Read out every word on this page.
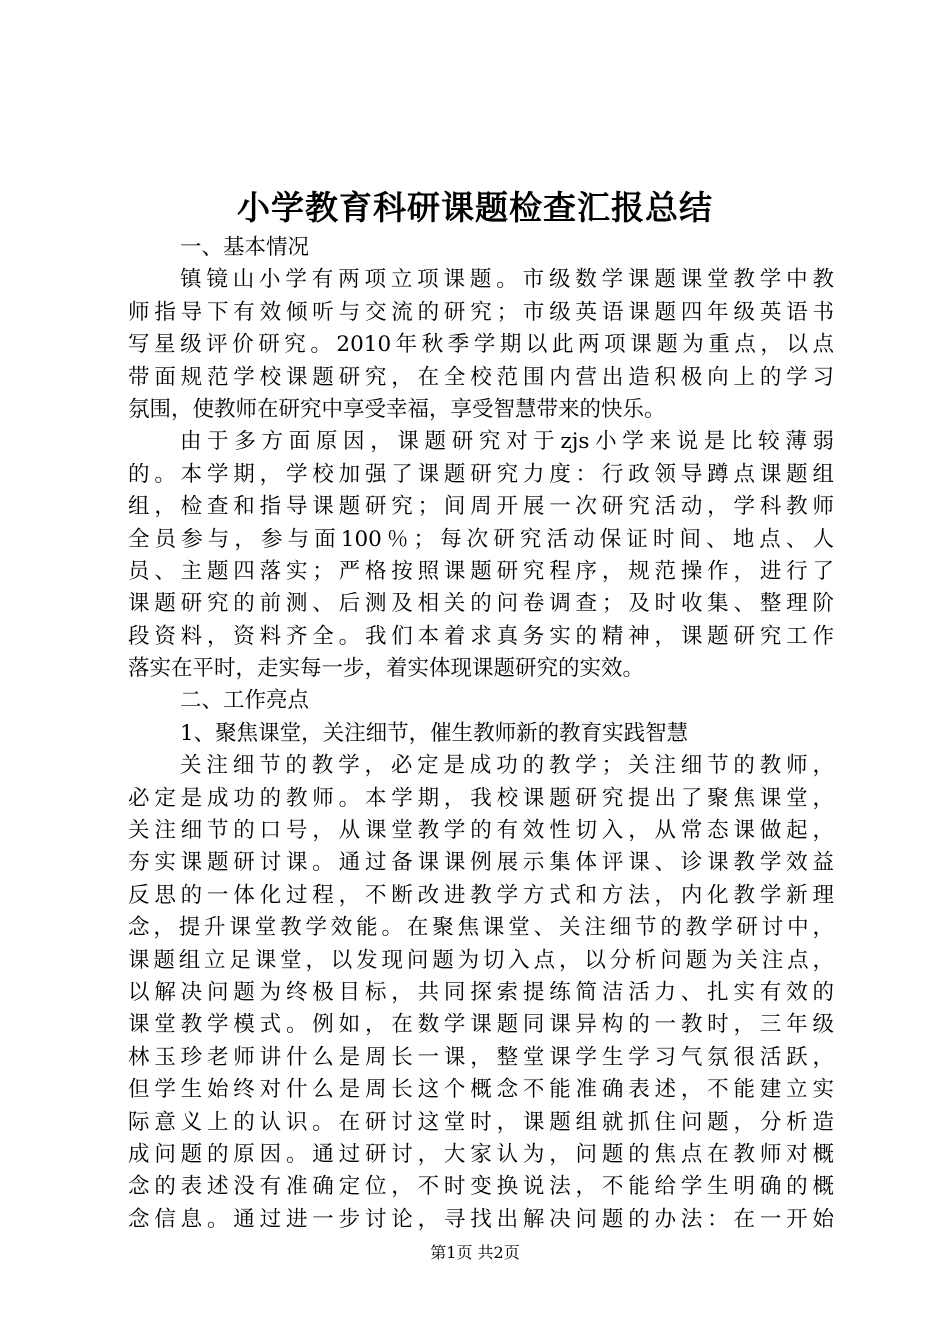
小学教育科研课题检查汇报总结
一、基本情况
镇镜山小学有两项立项课题。市级数学课题课堂教学中教
师指导下有效倾听与交流的研究；市级英语课题四年级英语书
写星级评价研究。2010年秋季学期以此两项课题为重点，以点
带面规范学校课题研究，在全校范围内营出造积极向上的学习
氛围，使教师在研究中享受幸福，享受智慧带来的快乐。
由于多方面原因，课题研究对于zjs小学来说是比较薄弱
的。本学期，学校加强了课题研究力度：行政领导蹲点课题组
组，检查和指导课题研究；间周开展一次研究活动，学科教师
全员参与，参与面100％；每次研究活动保证时间、地点、人
员、主题四落实；严格按照课题研究程序，规范操作，进行了
课题研究的前测、后测及相关的问卷调查；及时收集、整理阶
段资料，资料齐全。我们本着求真务实的精神，课题研究工作
落实在平时，走实每一步，着实体现课题研究的实效。
二、工作亮点
1、聚焦课堂，关注细节，催生教师新的教育实践智慧
关注细节的教学，必定是成功的教学；关注细节的教师，
必定是成功的教师。本学期，我校课题研究提出了聚焦课堂，
关注细节的口号，从课堂教学的有效性切入，从常态课做起，
夯实课题研讨课。通过备课课例展示集体评课、诊课教学效益
反思的一体化过程，不断改进教学方式和方法，内化教学新理
念，提升课堂教学效能。在聚焦课堂、关注细节的教学研讨中，
课题组立足课堂，以发现问题为切入点，以分析问题为关注点，
以解决问题为终极目标，共同探索提练简洁活力、扎实有效的
课堂教学模式。例如，在数学课题同课异构的一教时，三年级
林玉珍老师讲什么是周长一课，整堂课学生学习气氛很活跃，
但学生始终对什么是周长这个概念不能准确表述，不能建立实
际意义上的认识。在研讨这堂时，课题组就抓住问题，分析造
成问题的原因。通过研讨，大家认为，问题的焦点在教师对概
念的表述没有准确定位，不时变换说法，不能给学生明确的概
念信息。通过进一步讨论，寻找出解决问题的办法：在一开始
第1页 共2页
